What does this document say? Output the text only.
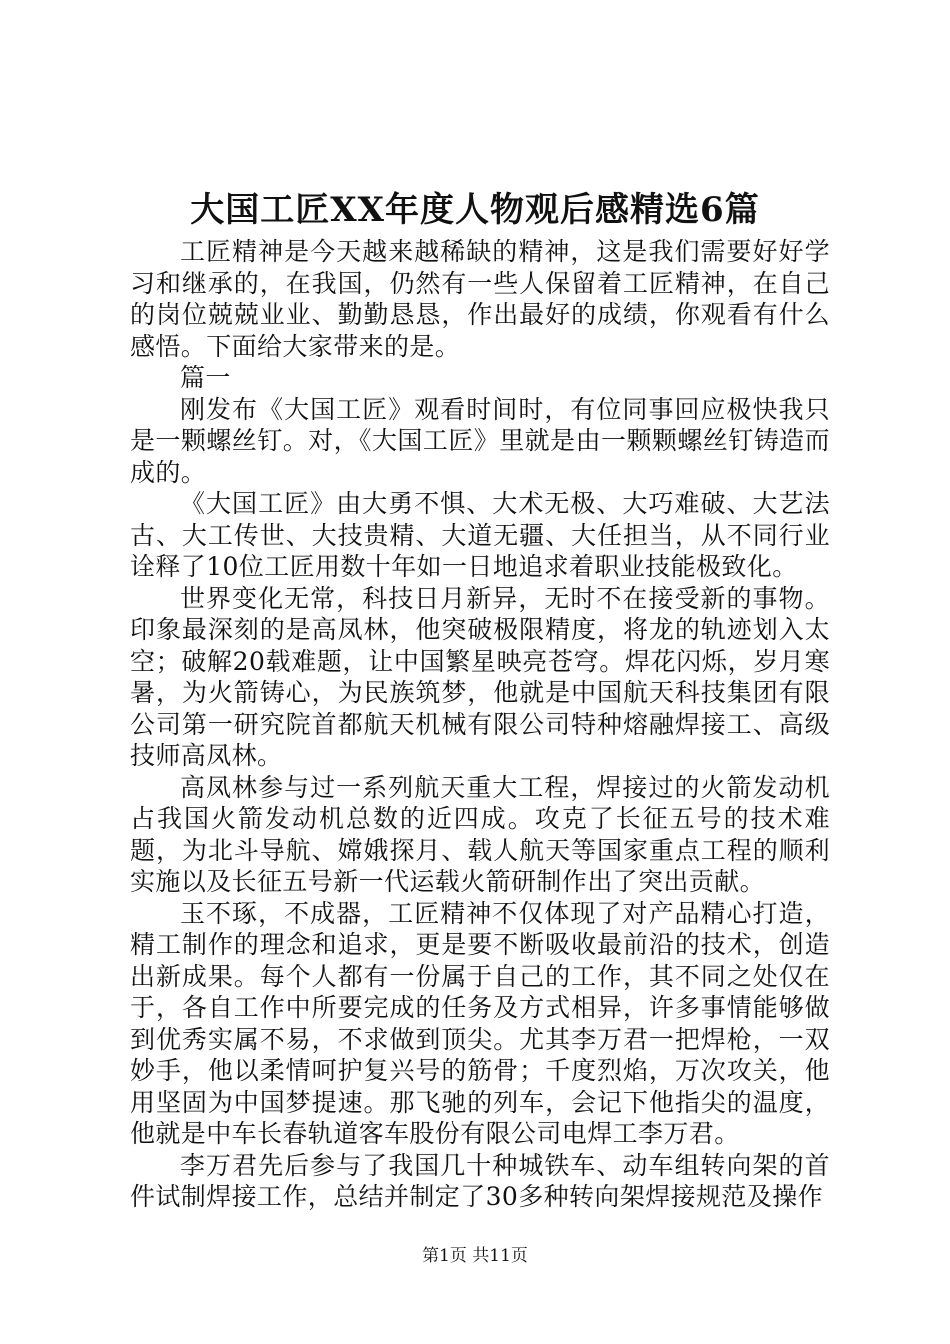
大国工匠XX年度人物观后感精选6篇

工匠精神是今天越来越稀缺的精神，这是我们需要好好学习和继承的，在我国，仍然有一些人保留着工匠精神，在自己的岗位兢兢业业、勤勤恳恳，作出最好的成绩，你观看有什么感悟。下面给大家带来的是。

篇一

刚发布《大国工匠》观看时间时，有位同事回应极快我只是一颗螺丝钉。对，《大国工匠》里就是由一颗颗螺丝钉铸造而成的。

《大国工匠》由大勇不惧、大术无极、大巧难破、大艺法古、大工传世、大技贵精、大道无疆、大任担当，从不同行业诠释了10位工匠用数十年如一日地追求着职业技能极致化。

世界变化无常，科技日月新异，无时不在接受新的事物。印象最深刻的是高凤林，他突破极限精度，将龙的轨迹划入太空；破解20载难题，让中国繁星映亮苍穹。焊花闪烁，岁月寒暑，为火箭铸心，为民族筑梦，他就是中国航天科技集团有限公司第一研究院首都航天机械有限公司特种熔融焊接工、高级技师高凤林。

高凤林参与过一系列航天重大工程，焊接过的火箭发动机占我国火箭发动机总数的近四成。攻克了长征五号的技术难题，为北斗导航、嫦娥探月、载人航天等国家重点工程的顺利实施以及长征五号新一代运载火箭研制作出了突出贡献。

玉不琢，不成器，工匠精神不仅体现了对产品精心打造，精工制作的理念和追求，更是要不断吸收最前沿的技术，创造出新成果。每个人都有一份属于自己的工作，其不同之处仅在于，各自工作中所要完成的任务及方式相异，许多事情能够做到优秀实属不易，不求做到顶尖。尤其李万君一把焊枪，一双妙手，他以柔情呵护复兴号的筋骨；千度烈焰，万次攻关，他用坚固为中国梦提速。那飞驰的列车，会记下他指尖的温度，他就是中车长春轨道客车股份有限公司电焊工李万君。

李万君先后参与了我国几十种城铁车、动车组转向架的首件试制焊接工作，总结并制定了30多种转向架焊接规范及操作

第1页 共11页
